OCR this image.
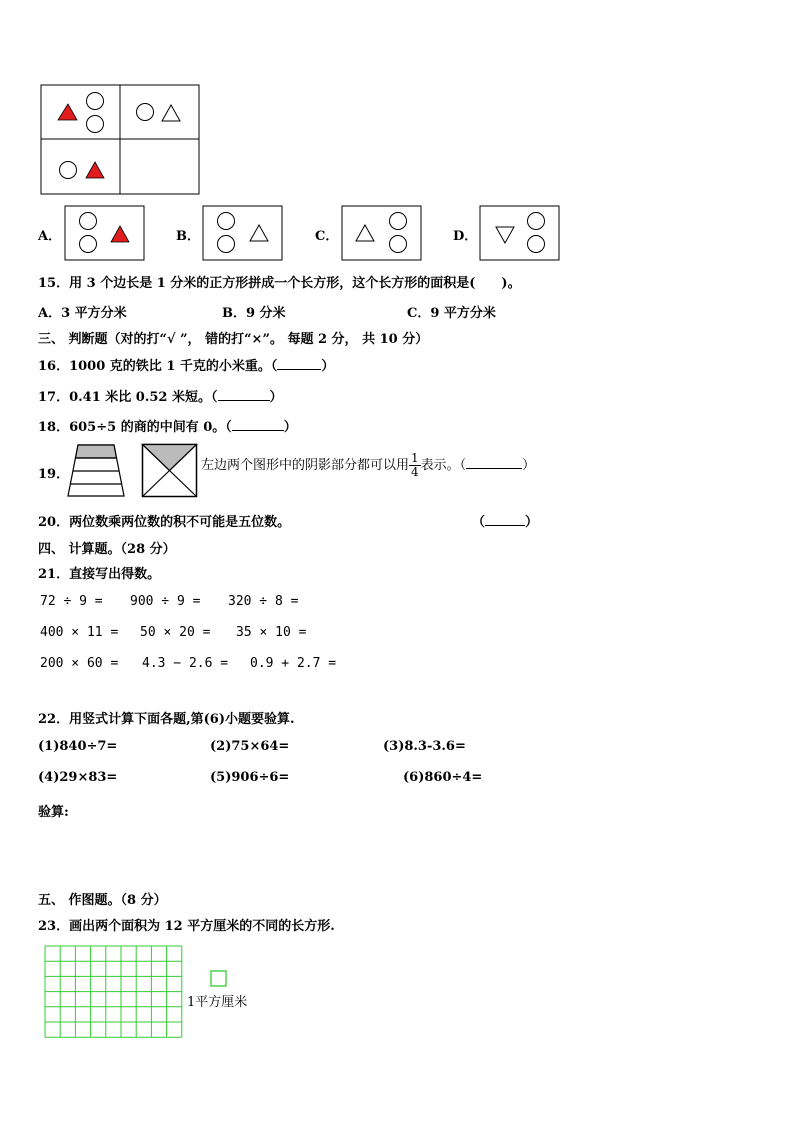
A．	B．	C．	D．
15．用 3 个边长是 1 分米的正方形拼成一个长方形，这个长方形的面积是(　　)。
A．3 平方分米	B．9 分米	C．9 平方分米
三、 判断题（对的打“√ ”， 错的打“×”。 每题 2 分， 共 10 分）
16．1000 克的铁比 1 千克的小米重。（	）
17．0.41 米比 0.52 米短。（	）
18．605÷5 的商的中间有 0。（	）
19．
左边两个图形中的阴影部分都可以用 $\frac{1}{4}$ 表示。（	）
20．两位数乘两位数的积不可能是五位数。	（	）
四、 计算题。（28 分）
21．直接写出得数。
72 ÷ 9 = 900 ÷ 9 = 320 ÷ 8 =
400 × 11 = 50 × 20 = 35 × 10 =
200 × 60 = 4.3 − 2.6 = 0.9 + 2.7 =
22．用竖式计算下面各题,第(6)小题要验算.
(1)840÷7=	(2)75×64=	(3)8.3-3.6=
(4)29×83=	(5)906÷6=	(6)860÷4=
验算:
五、 作图题。（8 分）
23．画出两个面积为 12 平方厘米的不同的长方形.
1平方厘米
